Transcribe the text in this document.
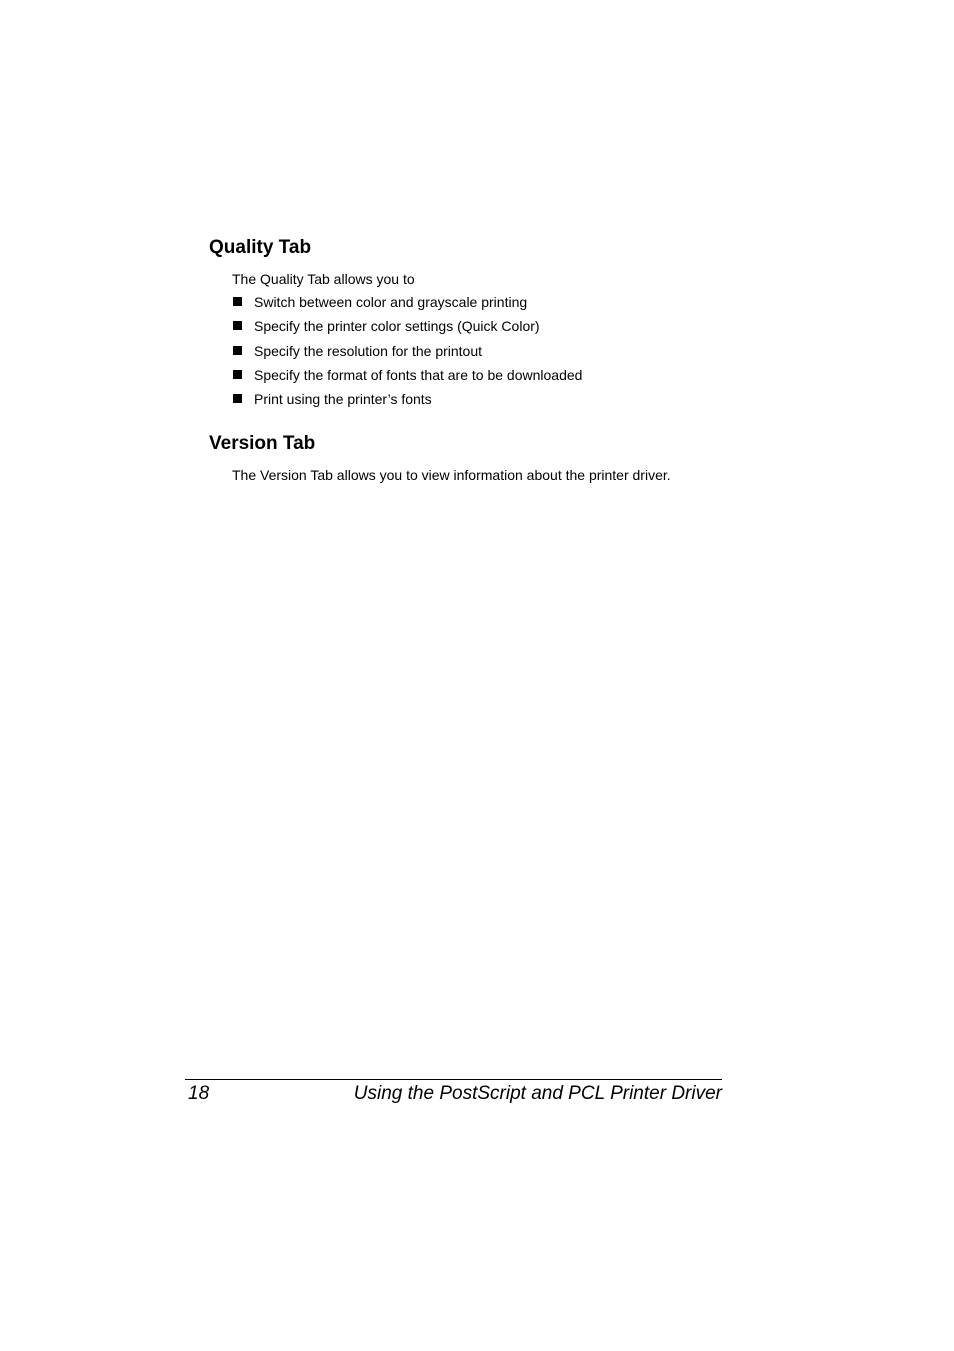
Quality Tab

The Quality Tab allows you to

Switch between color and grayscale printing
Specify the printer color settings (Quick Color)
Specify the resolution for the printout
Specify the format of fonts that are to be downloaded
Print using the printer’s fonts
Version Tab

The Version Tab allows you to view information about the printer driver.

18	Using the PostScript and PCL Printer Driver
